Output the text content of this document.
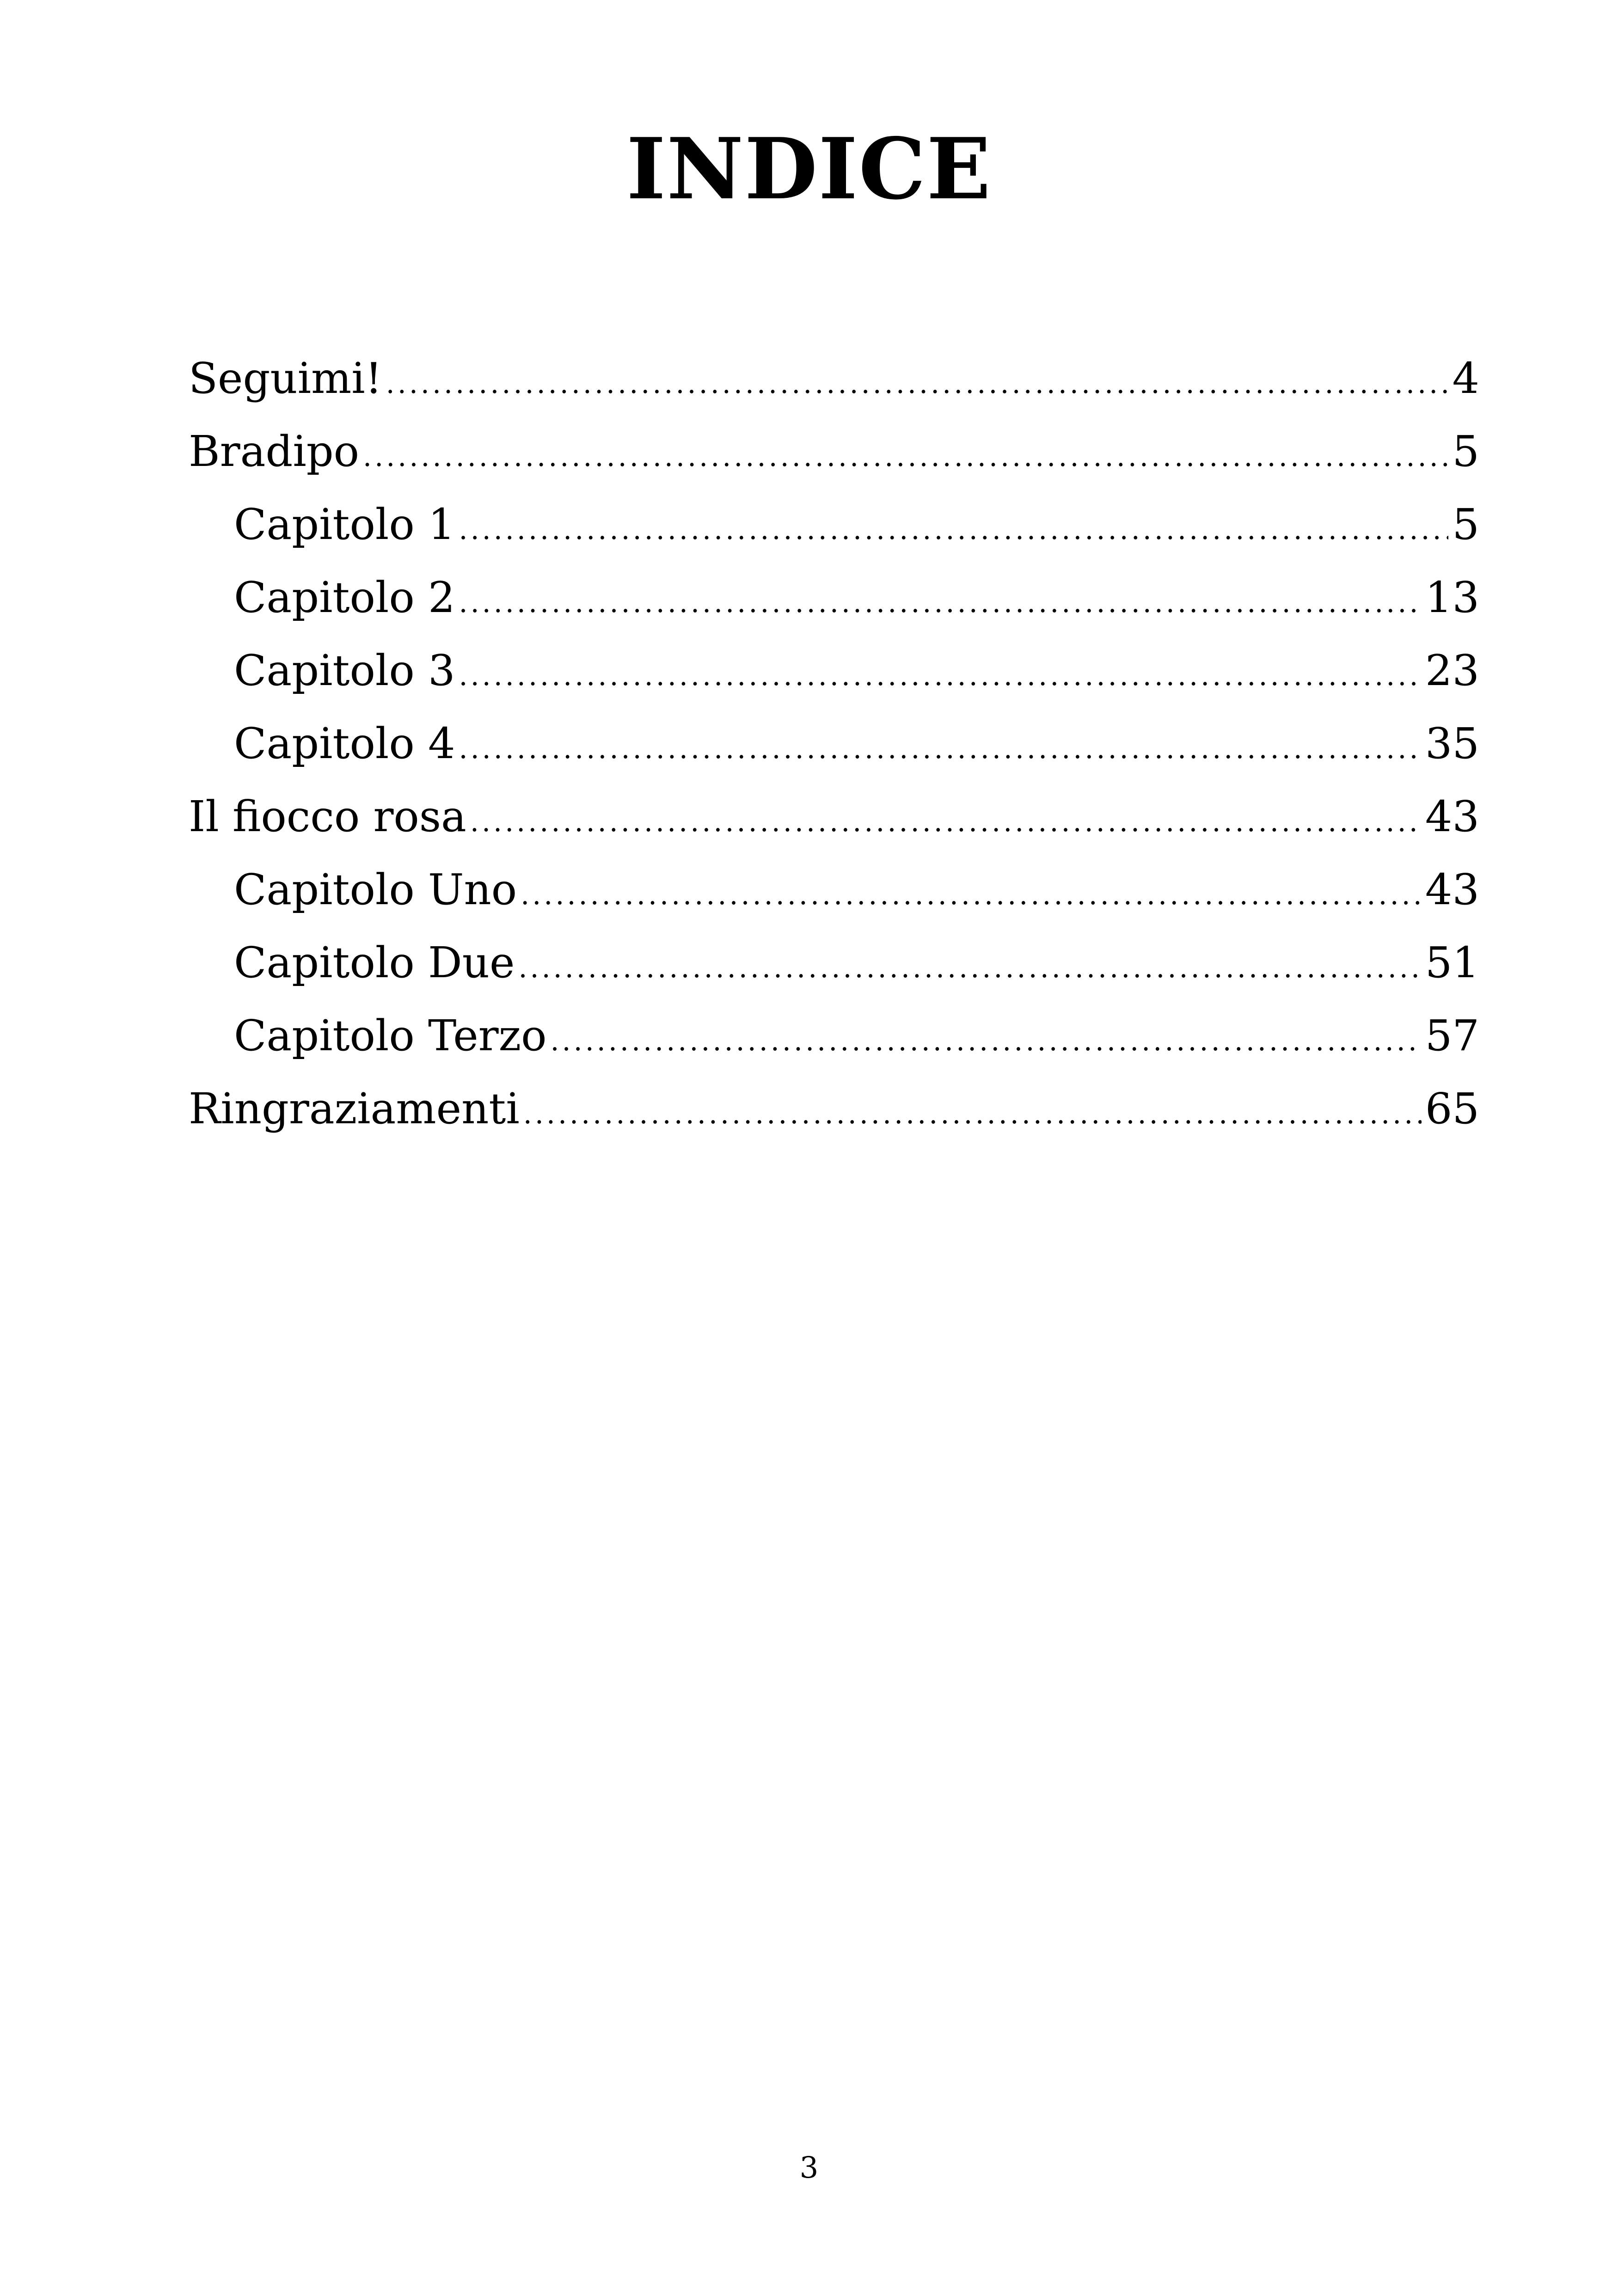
INDICE
Seguimi! .....	4
Bradipo .....	5
Capitolo 1 .....	5
Capitolo 2 .....	13
Capitolo 3 .....	23
Capitolo 4 .....	35
Il fiocco rosa .....	43
Capitolo Uno .....	43
Capitolo Due .....	51
Capitolo Terzo .....	57
Ringraziamenti .....	65
3
